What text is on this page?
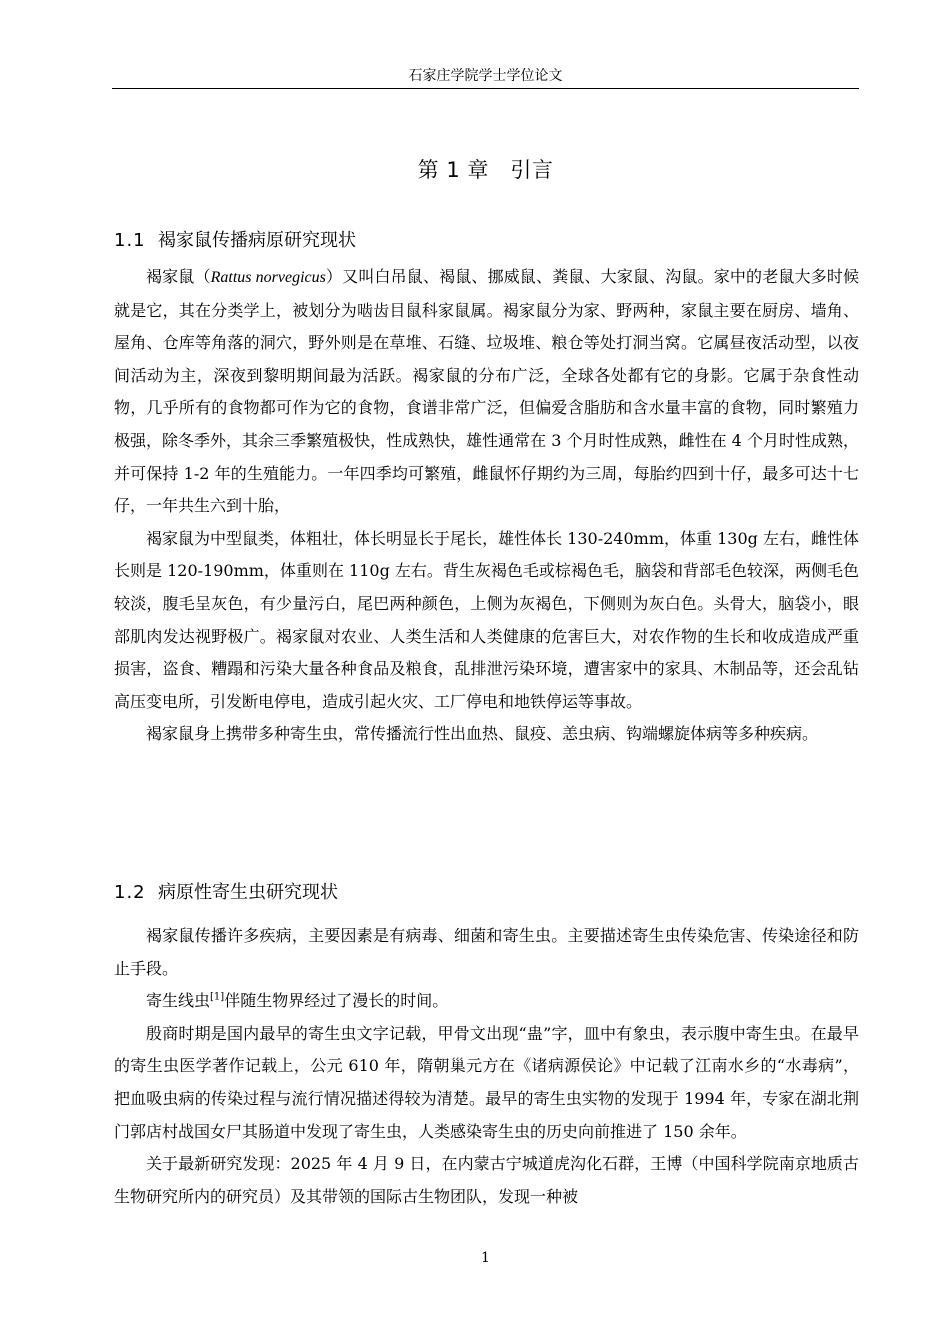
石家庄学院学士学位论文
第 1 章　引言
1.1 褐家鼠传播病原研究现状

褐家鼠（Rattus norvegicus）又叫白吊鼠、褐鼠、挪威鼠、粪鼠、大家鼠、沟鼠。家中的老鼠大多时候就是它，其在分类学上，被划分为啮齿目鼠科家鼠属。褐家鼠分为家、野两种，家鼠主要在厨房、墙角、屋角、仓库等角落的洞穴，野外则是在草堆、石缝、垃圾堆、粮仓等处打洞当窝。它属昼夜活动型，以夜间活动为主，深夜到黎明期间最为活跃。褐家鼠的分布广泛，全球各处都有它的身影。它属于杂食性动物，几乎所有的食物都可作为它的食物，食谱非常广泛，但偏爱含脂肪和含水量丰富的食物，同时繁殖力极强，除冬季外，其余三季繁殖极快，性成熟快，雄性通常在 3 个月时性成熟，雌性在 4 个月时性成熟，并可保持 1-2 年的生殖能力。一年四季均可繁殖，雌鼠怀仔期约为三周，每胎约四到十仔，最多可达十七仔，一年共生六到十胎，

褐家鼠为中型鼠类，体粗壮，体长明显长于尾长，雄性体长 130-240mm，体重 130g 左右，雌性体长则是 120-190mm，体重则在 110g 左右。背生灰褐色毛或棕褐色毛，脑袋和背部毛色较深，两侧毛色较淡，腹毛呈灰色，有少量污白，尾巴两种颜色，上侧为灰褐色，下侧则为灰白色。头骨大，脑袋小，眼部肌肉发达视野极广。褐家鼠对农业、人类生活和人类健康的危害巨大，对农作物的生长和收成造成严重损害，盗食、糟蹋和污染大量各种食品及粮食，乱排泄污染环境，遭害家中的家具、木制品等，还会乱钻高压变电所，引发断电停电，造成引起火灾、工厂停电和地铁停运等事故。

褐家鼠身上携带多种寄生虫，常传播流行性出血热、鼠疫、恙虫病、钩端螺旋体病等多种疾病。

1.2 病原性寄生虫研究现状

褐家鼠传播许多疾病，主要因素是有病毒、细菌和寄生虫。主要描述寄生虫传染危害、传染途径和防止手段。

寄生线虫[1]伴随生物界经过了漫长的时间。

殷商时期是国内最早的寄生虫文字记载，甲骨文出现“蛊”字，皿中有象虫，表示腹中寄生虫。在最早的寄生虫医学著作记载上，公元 610 年，隋朝巢元方在《诸病源侯论》中记载了江南水乡的“水毒病”，把血吸虫病的传染过程与流行情况描述得较为清楚。最早的寄生虫实物的发现于 1994 年，专家在湖北荆门郭店村战国女尸其肠道中发现了寄生虫，人类感染寄生虫的历史向前推进了 150 余年。

关于最新研究发现：2025 年 4 月 9 日，在内蒙古宁城道虎沟化石群，王博（中国科学院南京地质古生物研究所内的研究员）及其带领的国际古生物团队，发现一种被

1
